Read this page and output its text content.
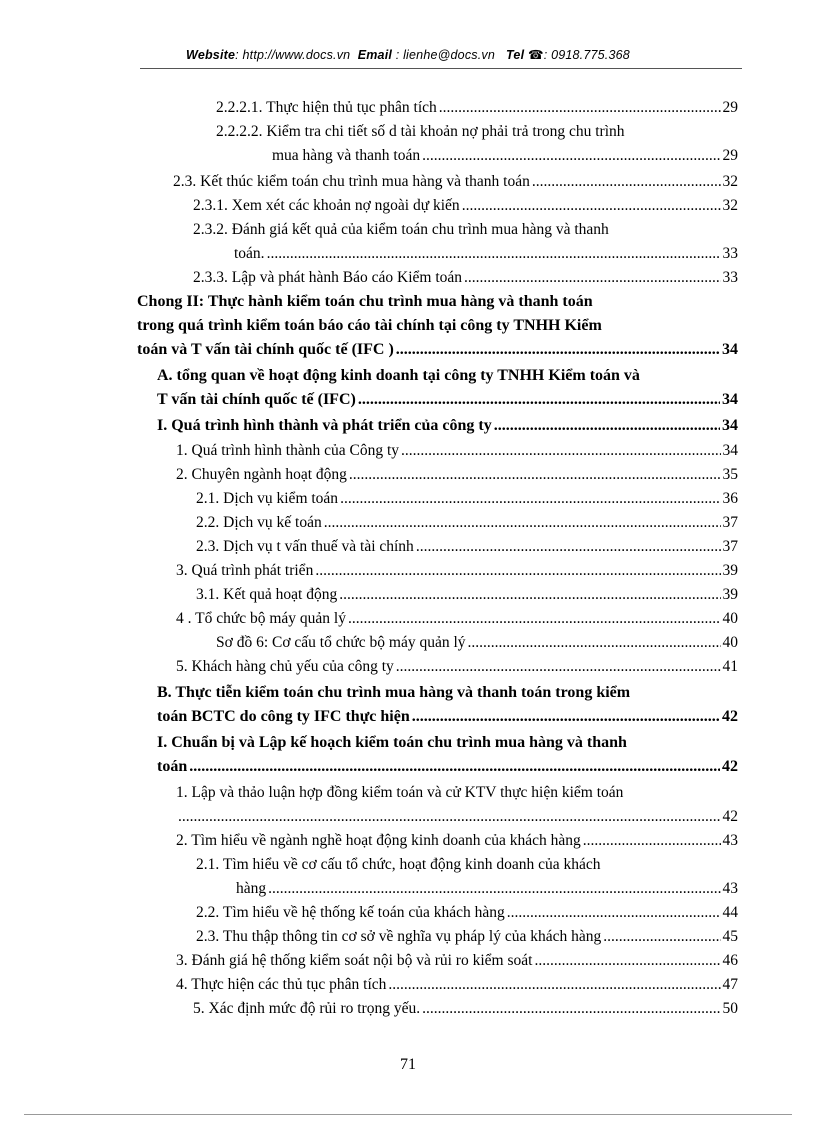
Website: http://www.docs.vn Email : lienhe@docs.vn Tel ☎: 0918.775.368
2.2.2.1. Thực hiện thủ tục phân tích .....	29
2.2.2.2. Kiểm tra chi tiết số d tài khoản nợ phải trả trong chu trình
mua hàng và thanh toán .....	29
2.3. Kết thúc kiểm toán chu trình mua hàng và thanh toán .....	32
2.3.1. Xem xét các khoản nợ ngoài dự kiến .....	32
2.3.2. Đánh giá kết quả của kiểm toán chu trình mua hàng và thanh
toán. .....	33
2.3.3. Lập và phát hành Báo cáo Kiểm toán .....	33
Chong II: Thực hành kiểm toán chu trình mua hàng và thanh toán
trong quá trình kiểm toán báo cáo tài chính tại công ty TNHH Kiểm
toán và T vấn tài chính quốc tế (IFC ) .....	34
A. tổng quan về hoạt động kinh doanh tại công ty TNHH Kiểm toán và
T vấn tài chính quốc tế (IFC) .....	34
I. Quá trình hình thành và phát triển của công ty .....	34
1. Quá trình hình thành của Công ty .....	34
2. Chuyên ngành hoạt động .....	35
2.1. Dịch vụ kiểm toán .....	36
2.2. Dịch vụ kế toán .....	37
2.3. Dịch vụ t vấn thuế và tài chính .....	37
3. Quá trình phát triển .....	39
3.1. Kết quả hoạt động .....	39
4 . Tổ chức bộ máy quản lý .....	40
Sơ đồ 6: Cơ cấu tổ chức bộ máy quản lý .....	40
5. Khách hàng chủ yếu của công ty .....	41
B. Thực tiễn kiểm toán chu trình mua hàng và thanh toán trong kiểm
toán BCTC do công ty IFC thực hiện .....	42
I. Chuẩn bị và Lập kế hoạch kiểm toán chu trình mua hàng và thanh
toán .....	42
1. Lập và thảo luận hợp đồng kiểm toán và cử KTV thực hiện kiểm toán
.....
42
2. Tìm hiểu về ngành nghề hoạt động kinh doanh của khách hàng .....	43
2.1. Tìm hiểu về cơ cấu tổ chức, hoạt động kinh doanh của khách
hàng .....	43
2.2. Tìm hiểu về hệ thống kế toán của khách hàng .....	44
2.3. Thu thập thông tin cơ sở về nghĩa vụ pháp lý của khách hàng .....	45
3. Đánh giá hệ thống kiểm soát nội bộ và rủi ro kiểm soát .....	46
4. Thực hiện các thủ tục phân tích .....	47
5. Xác định mức độ rủi ro trọng yếu. .....	50
71
